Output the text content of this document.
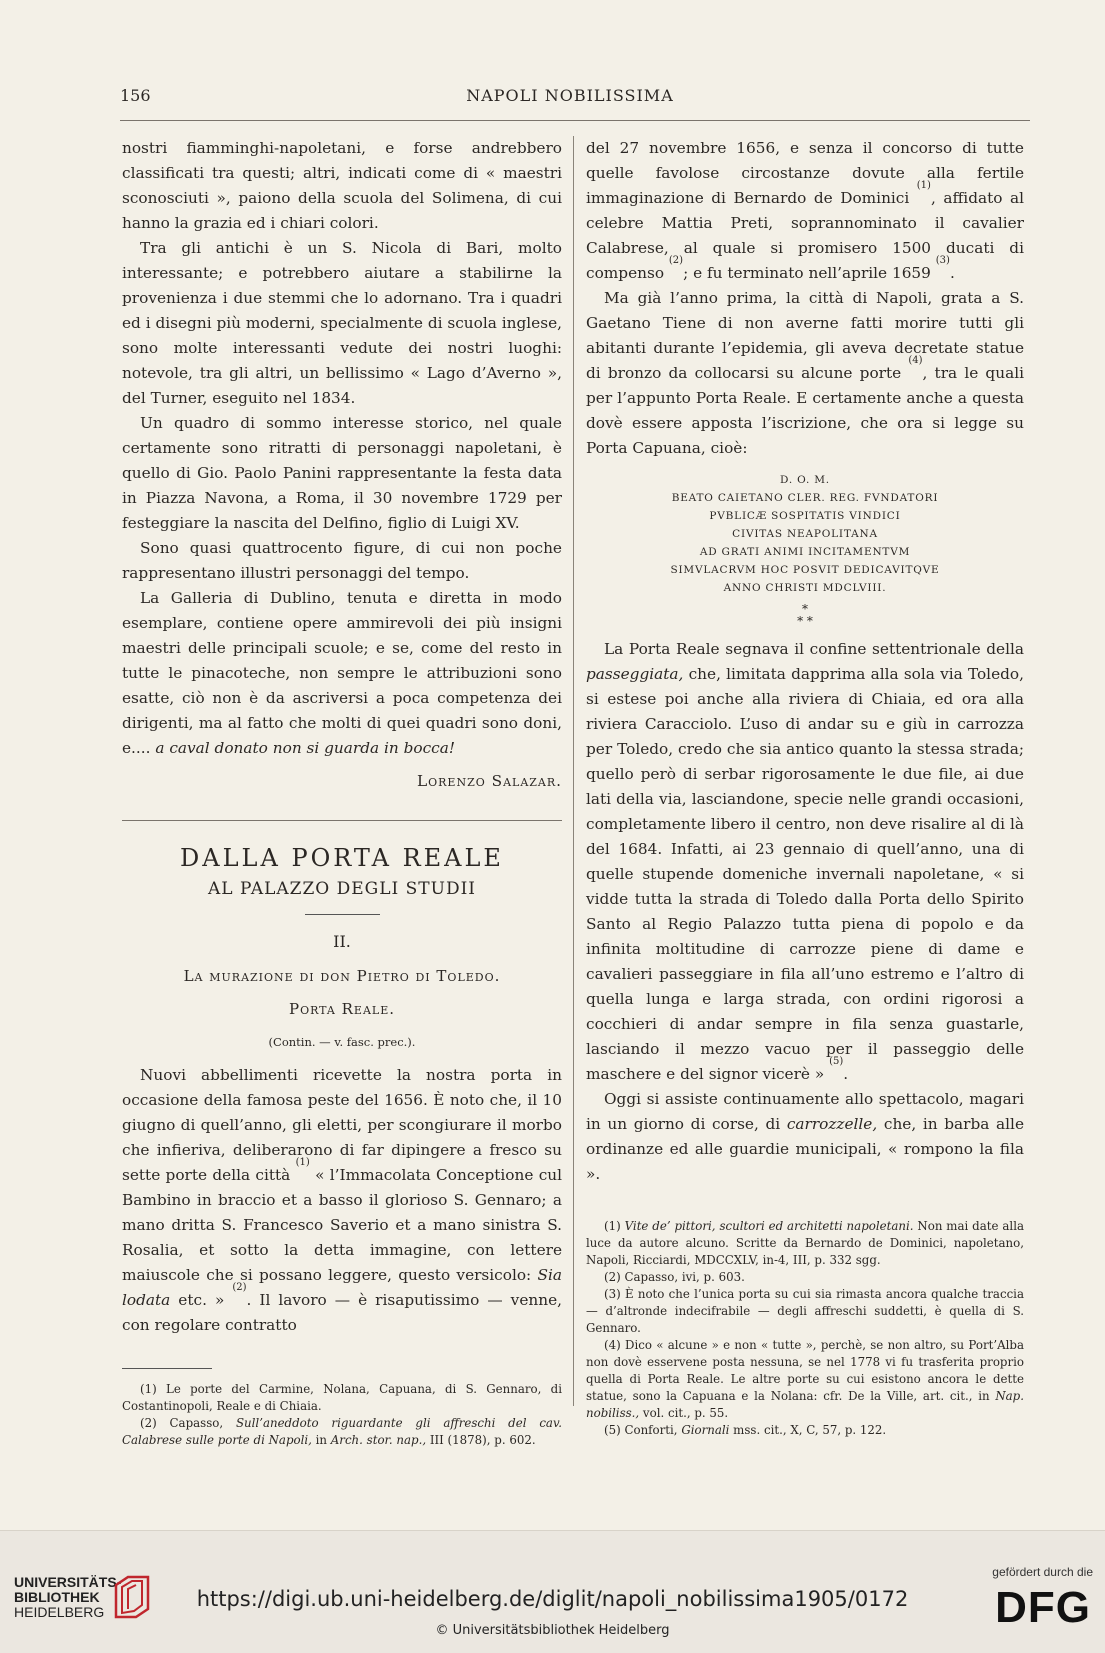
156	NAPOLI NOBILISSIMA

nostri fiamminghi-napoletani, e forse andrebbero classificati tra questi; altri, indicati come di « maestri sconosciuti », paiono della scuola del Solimena, di cui hanno la grazia ed i chiari colori.

Tra gli antichi è un S. Nicola di Bari, molto interessante; e potrebbero aiutare a stabilirne la provenienza i due stemmi che lo adornano. Tra i quadri ed i disegni più moderni, specialmente di scuola inglese, sono molte interessanti vedute dei nostri luoghi: notevole, tra gli altri, un bellissimo « Lago d’Averno », del Turner, eseguito nel 1834.

Un quadro di sommo interesse storico, nel quale certamente sono ritratti di personaggi napoletani, è quello di Gio. Paolo Panini rappresentante la festa data in Piazza Navona, a Roma, il 30 novembre 1729 per festeggiare la nascita del Delfino, figlio di Luigi XV.

Sono quasi quattrocento figure, di cui non poche rappresentano illustri personaggi del tempo.

La Galleria di Dublino, tenuta e diretta in modo esemplare, contiene opere ammirevoli dei più insigni maestri delle principali scuole; e se, come del resto in tutte le pinacoteche, non sempre le attribuzioni sono esatte, ciò non è da ascriversi a poca competenza dei dirigenti, ma al fatto che molti di quei quadri sono doni, e.... a caval donato non si guarda in bocca!

Lorenzo Salazar.
DALLA PORTA REALE
AL PALAZZO DEGLI STUDII
II.
La murazione di don Pietro di Toledo.
Porta Reale.
(Contin. — v. fasc. prec.).

Nuovi abbellimenti ricevette la nostra porta in occasione della famosa peste del 1656. È noto che, il 10 giugno di quell’anno, gli eletti, per scongiurare il morbo che infieriva, deliberarono di far dipingere a fresco su sette porte della città $^{(1)}$ « l’Immacolata Conceptione cul Bambino in braccio et a basso il glorioso S. Gennaro; a mano dritta S. Francesco Saverio et a mano sinistra S. Rosalia, et sotto la detta immagine, con lettere maiuscole che si possano leggere, questo versicolo: Sia lodata etc. » $^{(2)}$. Il lavoro — è risaputissimo — venne, con regolare contratto

(1) Le porte del Carmine, Nolana, Capuana, di S. Gennaro, di Costantinopoli, Reale e di Chiaia.

(2) Capasso, Sull’aneddoto riguardante gli affreschi del cav. Calabrese sulle porte di Napoli, in Arch. stor. nap., III (1878), p. 602.

del 27 novembre 1656, e senza il concorso di tutte quelle favolose circostanze dovute alla fertile immaginazione di Bernardo de Dominici $^{(1)}$, affidato al celebre Mattia Preti, soprannominato il cavalier Calabrese, al quale si promisero 1500 ducati di compenso $^{(2)}$; e fu terminato nell’aprile 1659 $^{(3)}$.

Ma già l’anno prima, la città di Napoli, grata a S. Gaetano Tiene di non averne fatti morire tutti gli abitanti durante l’epidemia, gli aveva decretate statue di bronzo da collocarsi su alcune porte $^{(4)}$, tra le quali per l’appunto Porta Reale. E certamente anche a questa dovè essere apposta l’iscrizione, che ora si legge su Porta Capuana, cioè:

D. O. M.
BEATO CAIETANO CLER. REG. FVNDATORI
PVBLICÆ SOSPITATIS VINDICI
CIVITAS NEAPOLITANA
AD GRATI ANIMI INCITAMENTVM
SIMVLACRVM HOC POSVIT DEDICAVITQVE
ANNO CHRISTI MDCLVIII.
*
* *

La Porta Reale segnava il confine settentrionale della passeggiata, che, limitata dapprima alla sola via Toledo, si estese poi anche alla riviera di Chiaia, ed ora alla riviera Caracciolo. L’uso di andar su e giù in carrozza per Toledo, credo che sia antico quanto la stessa strada; quello però di serbar rigorosamente le due file, ai due lati della via, lasciandone, specie nelle grandi occasioni, completamente libero il centro, non deve risalire al di là del 1684. Infatti, ai 23 gennaio di quell’anno, una di quelle stupende domeniche invernali napoletane, « si vidde tutta la strada di Toledo dalla Porta dello Spirito Santo al Regio Palazzo tutta piena di popolo e da infinita moltitudine di carrozze piene di dame e cavalieri passeggiare in fila all’uno estremo e l’altro di quella lunga e larga strada, con ordini rigorosi a cocchieri di andar sempre in fila senza guastarle, lasciando il mezzo vacuo per il passeggio delle maschere e del signor vicerè » $^{(5)}$.

Oggi si assiste continuamente allo spettacolo, magari in un giorno di corse, di carrozzelle, che, in barba alle ordinanze ed alle guardie municipali, « rompono la fila ».

(1) Vite de’ pittori, scultori ed architetti napoletani. Non mai date alla luce da autore alcuno. Scritte da Bernardo de Dominici, napoletano, Napoli, Ricciardi, MDCCXLV, in-4, III, p. 332 sgg.

(2) Capasso, ivi, p. 603.

(3) È noto che l’unica porta su cui sia rimasta ancora qualche traccia — d’altronde indecifrabile — degli affreschi suddetti, è quella di S. Gennaro.

(4) Dico « alcune » e non « tutte », perchè, se non altro, su Port’Alba non dovè esservene posta nessuna, se nel 1778 vi fu trasferita proprio quella di Porta Reale. Le altre porte su cui esistono ancora le dette statue, sono la Capuana e la Nolana: cfr. De la Ville, art. cit., in Nap. nobiliss., vol. cit., p. 55.

(5) Conforti, Giornali mss. cit., X, C, 57, p. 122.

UNIVERSITÄTS-
BIBLIOTHEK
HEIDELBERG
https://digi.ub.uni-heidelberg.de/diglit/napoli_nobilissima1905/0172
© Universitätsbibliothek Heidelberg
gefördert durch die
DFG
